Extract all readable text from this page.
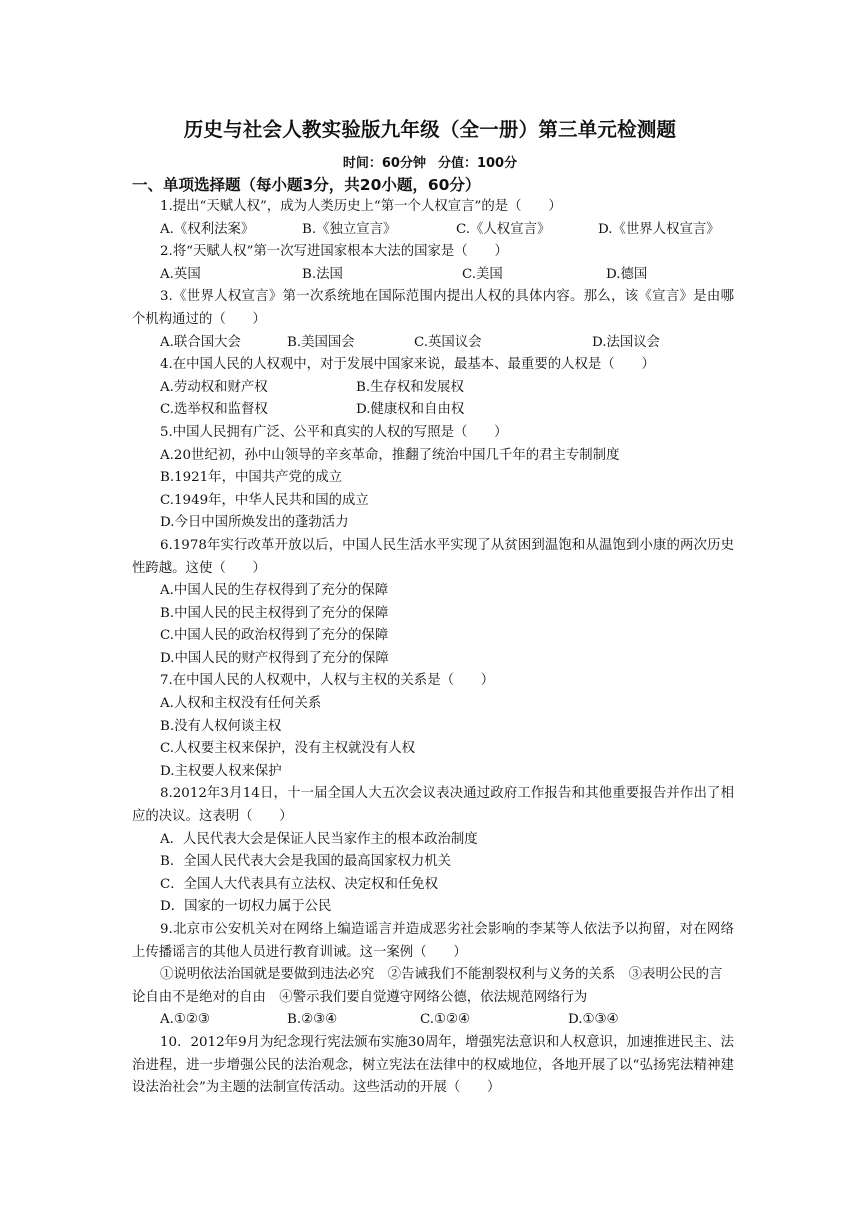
历史与社会人教实验版九年级（全一册）第三单元检测题
时间：60分钟 分值：100分
一、单项选择题（每小题3分，共20小题，60分）

1.提出“天赋人权”，成为人类历史上“第一个人权宣言”的是（　　）

A.《权利法案》	B.《独立宣言》	C.《人权宣言》	D.《世界人权宣言》

2.将“天赋人权”第一次写进国家根本大法的国家是（　　）

A.英国	B.法国	C.美国	D.德国

3.《世界人权宣言》第一次系统地在国际范围内提出人权的具体内容。那么，该《宣言》是由哪个机构通过的（　　）

A.联合国大会	B.美国国会	C.英国议会	D.法国议会

4.在中国人民的人权观中，对于发展中国家来说，最基本、最重要的人权是（　　）

A.劳动权和财产权	B.生存权和发展权
C.选举权和监督权	D.健康权和自由权

5.中国人民拥有广泛、公平和真实的人权的写照是（　　）

A.20世纪初，孙中山领导的辛亥革命，推翻了统治中国几千年的君主专制制度
B.1921年，中国共产党的成立
C.1949年，中华人民共和国的成立
D.今日中国所焕发出的蓬勃活力

6.1978年实行改革开放以后，中国人民生活水平实现了从贫困到温饱和从温饱到小康的两次历史性跨越。这使（　　）

A.中国人民的生存权得到了充分的保障
B.中国人民的民主权得到了充分的保障
C.中国人民的政治权得到了充分的保障
D.中国人民的财产权得到了充分的保障

7.在中国人民的人权观中，人权与主权的关系是（　　）

A.人权和主权没有任何关系
B.没有人权何谈主权
C.人权要主权来保护，没有主权就没有人权
D.主权要人权来保护

8.2012年3月14日，十一届全国人大五次会议表决通过政府工作报告和其他重要报告并作出了相应的决议。这表明（　　）

A．人民代表大会是保证人民当家作主的根本政治制度
B．全国人民代表大会是我国的最高国家权力机关
C．全国人大代表具有立法权、决定权和任免权
D．国家的一切权力属于公民

9.北京市公安机关对在网络上编造谣言并造成恶劣社会影响的李某等人依法予以拘留，对在网络上传播谣言的其他人员进行教育训诫。这一案例（　　）

①说明依法治国就是要做到违法必究　②告诫我们不能割裂权利与义务的关系　③表明公民的言论自由不是绝对的自由　④警示我们要自觉遵守网络公德，依法规范网络行为

A.①②③	B.②③④	C.①②④	D.①③④

10．2012年9月为纪念现行宪法颁布实施30周年，增强宪法意识和人权意识，加速推进民主、法治进程，进一步增强公民的法治观念，树立宪法在法律中的权威地位，各地开展了以“弘扬宪法精神建设法治社会”为主题的法制宣传活动。这些活动的开展（　　）
